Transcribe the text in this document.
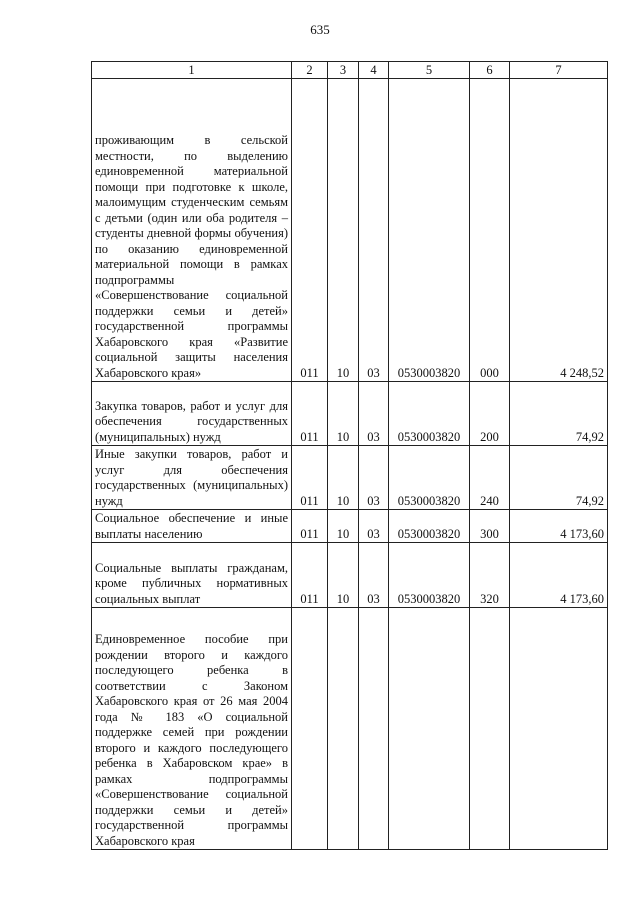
635
1	2	3	4	5	6	7
проживающим в сельской местности, по выделению единовременной материальной помощи при подготовке к школе, малоимущим студенческим семьям с детьми (один или оба родителя – студенты дневной формы обучения) по оказанию единовременной материальной помощи в рамках подпрограммы «Совершенствование социальной поддержки семьи и детей» государственной программы Хабаровского края «Развитие социальной защиты населения Хабаровского края»	011	10	03	0530003820	000	4 248,52
Закупка товаров, работ и услуг для обеспечения государственных (муниципальных) нужд	011	10	03	0530003820	200	74,92
Иные закупки товаров, работ и услуг для обеспечения государственных (муниципальных) нужд	011	10	03	0530003820	240	74,92
Социальное обеспечение и иные выплаты населению	011	10	03	0530003820	300	4 173,60
Социальные выплаты гражданам, кроме публичных нормативных социальных выплат	011	10	03	0530003820	320	4 173,60
Единовременное пособие при рождении второго и каждого последующего ребенка в соответствии с Законом Хабаровского края от 26 мая 2004 года № 183 «О социальной поддержке семей при рождении второго и каждого последующего ребенка в Хабаровском крае» в рамках подпрограммы «Совершенствование социальной поддержки семьи и детей» государственной программы Хабаровского края						
